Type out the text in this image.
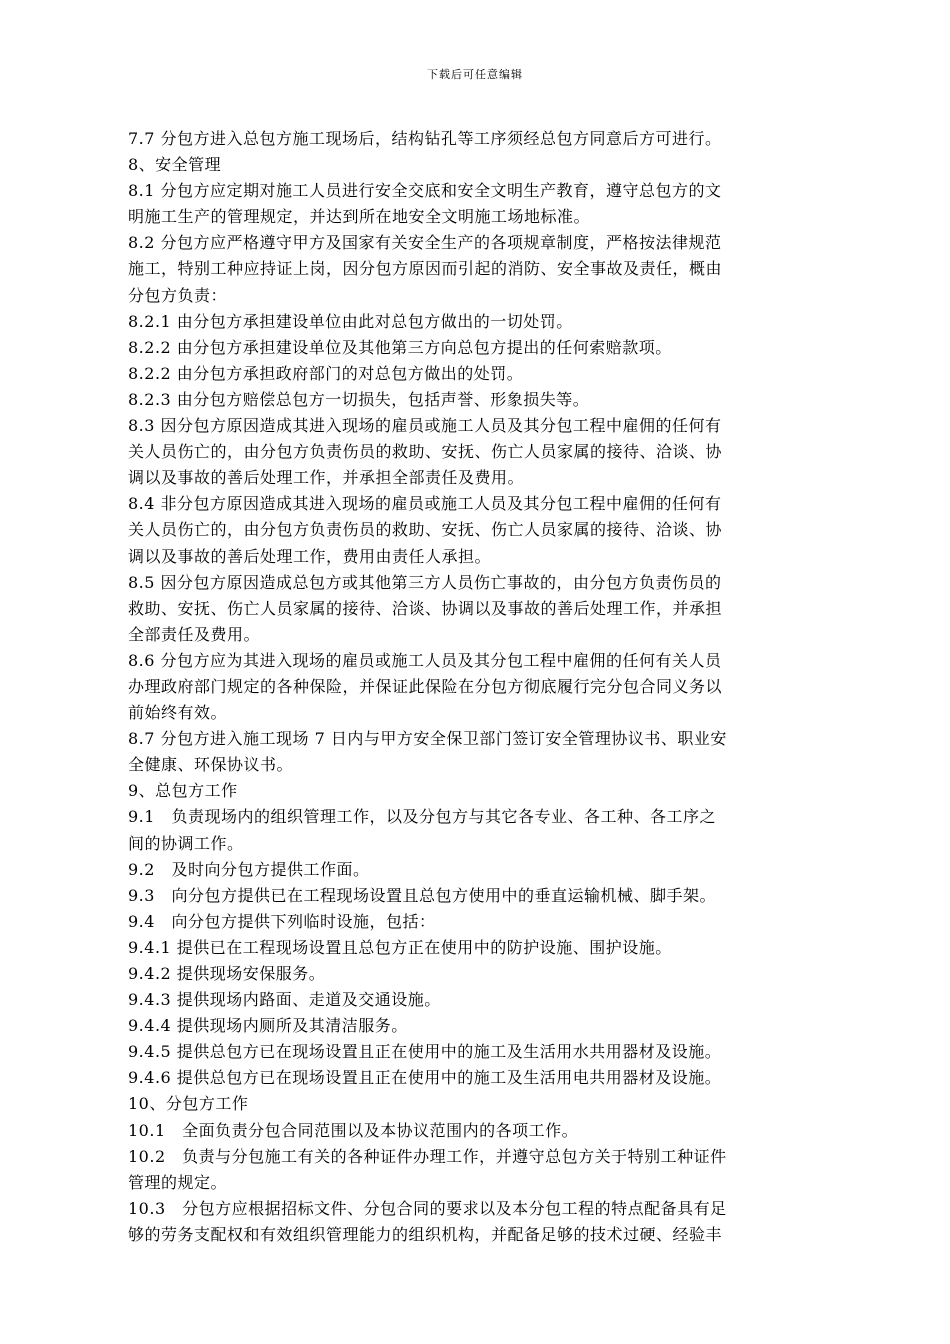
下载后可任意编辑
7.7 分包方进入总包方施工现场后，结构钻孔等工序须经总包方同意后方可进行。
8、安全管理
8.1 分包方应定期对施工人员进行安全交底和安全文明生产教育，遵守总包方的文
明施工生产的管理规定，并达到所在地安全文明施工场地标准。
8.2 分包方应严格遵守甲方及国家有关安全生产的各项规章制度，严格按法律规范
施工，特别工种应持证上岗，因分包方原因而引起的消防、安全事故及责任，概由
分包方负责：
8.2.1 由分包方承担建设单位由此对总包方做出的一切处罚。
8.2.2 由分包方承担建设单位及其他第三方向总包方提出的任何索赔款项。
8.2.2 由分包方承担政府部门的对总包方做出的处罚。
8.2.3 由分包方赔偿总包方一切损失，包括声誉、形象损失等。
8.3 因分包方原因造成其进入现场的雇员或施工人员及其分包工程中雇佣的任何有
关人员伤亡的，由分包方负责伤员的救助、安抚、伤亡人员家属的接待、洽谈、协
调以及事故的善后处理工作，并承担全部责任及费用。
8.4 非分包方原因造成其进入现场的雇员或施工人员及其分包工程中雇佣的任何有
关人员伤亡的，由分包方负责伤员的救助、安抚、伤亡人员家属的接待、洽谈、协
调以及事故的善后处理工作，费用由责任人承担。
8.5 因分包方原因造成总包方或其他第三方人员伤亡事故的，由分包方负责伤员的
救助、安抚、伤亡人员家属的接待、洽谈、协调以及事故的善后处理工作，并承担
全部责任及费用。
8.6 分包方应为其进入现场的雇员或施工人员及其分包工程中雇佣的任何有关人员
办理政府部门规定的各种保险，并保证此保险在分包方彻底履行完分包合同义务以
前始终有效。
8.7 分包方进入施工现场 7 日内与甲方安全保卫部门签订安全管理协议书、职业安
全健康、环保协议书。
9、总包方工作
9.1　负责现场内的组织管理工作，以及分包方与其它各专业、各工种、各工序之
间的协调工作。
9.2　及时向分包方提供工作面。
9.3　向分包方提供已在工程现场设置且总包方使用中的垂直运输机械、脚手架。
9.4　向分包方提供下列临时设施，包括：
9.4.1 提供已在工程现场设置且总包方正在使用中的防护设施、围护设施。
9.4.2 提供现场安保服务。
9.4.3 提供现场内路面、走道及交通设施。
9.4.4 提供现场内厕所及其清洁服务。
9.4.5 提供总包方已在现场设置且正在使用中的施工及生活用水共用器材及设施。
9.4.6 提供总包方已在现场设置且正在使用中的施工及生活用电共用器材及设施。
10、分包方工作
10.1　全面负责分包合同范围以及本协议范围内的各项工作。
10.2　负责与分包施工有关的各种证件办理工作，并遵守总包方关于特别工种证件
管理的规定。
10.3　分包方应根据招标文件、分包合同的要求以及本分包工程的特点配备具有足
够的劳务支配权和有效组织管理能力的组织机构，并配备足够的技术过硬、经验丰
